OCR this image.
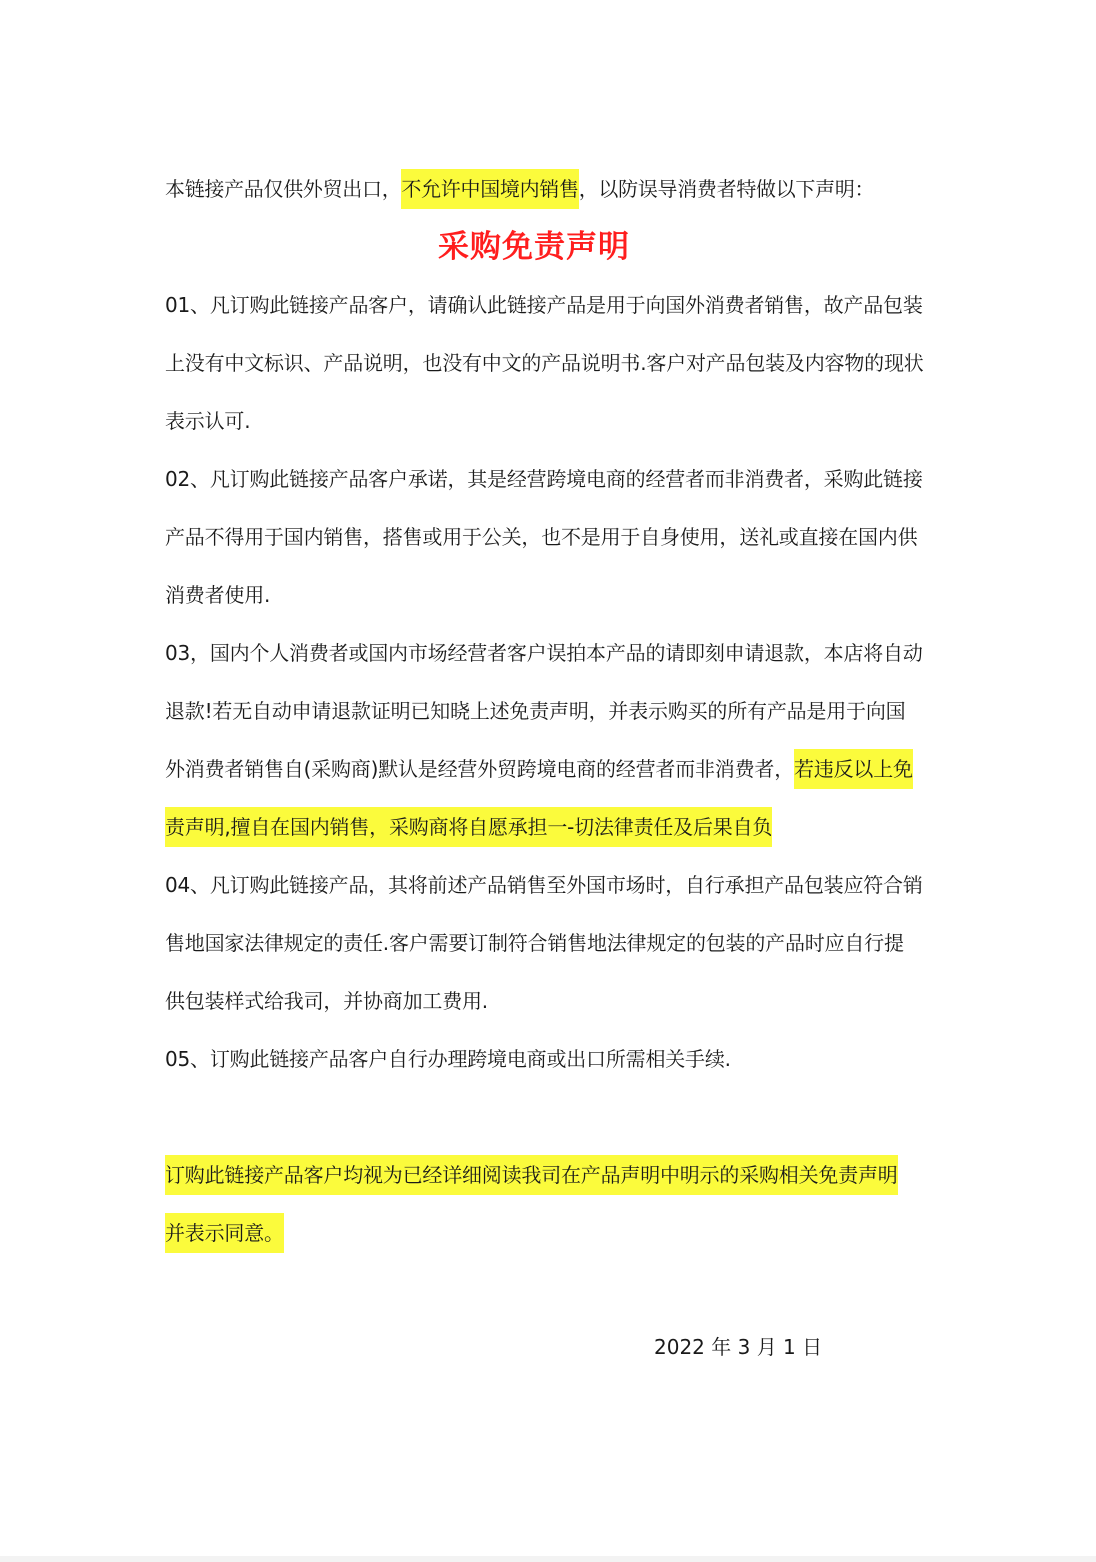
本链接产品仅供外贸出口，不允许中国境内销售，以防误导消费者特做以下声明：
采购免责声明
01、凡订购此链接产品客户，请确认此链接产品是用于向国外消费者销售，故产品包装
上没有中文标识、产品说明，也没有中文的产品说明书.客户对产品包装及内容物的现状
表示认可.
02、凡订购此链接产品客户承诺，其是经营跨境电商的经营者而非消费者，采购此链接
产品不得用于国内销售，搭售或用于公关，也不是用于自身使用，送礼或直接在国内供
消费者使用.
03，国内个人消费者或国内市场经营者客户误拍本产品的请即刻申请退款，本店将自动
退款!若无自动申请退款证明已知晓上述免责声明，并表示购买的所有产品是用于向国
外消费者销售自(采购商)默认是经营外贸跨境电商的经营者而非消费者，若违反以上免
责声明,擅自在国内销售，采购商将自愿承担一-切法律责任及后果自负
04、凡订购此链接产品，其将前述产品销售至外国市场时，自行承担产品包装应符合销
售地国家法律规定的责任.客户需要订制符合销售地法律规定的包装的产品时应自行提
供包装样式给我司，并协商加工费用.
05、订购此链接产品客户自行办理跨境电商或出口所需相关手续.
订购此链接产品客户均视为已经详细阅读我司在产品声明中明示的采购相关免责声明
并表示同意。
2022 年 3 月 1 日
